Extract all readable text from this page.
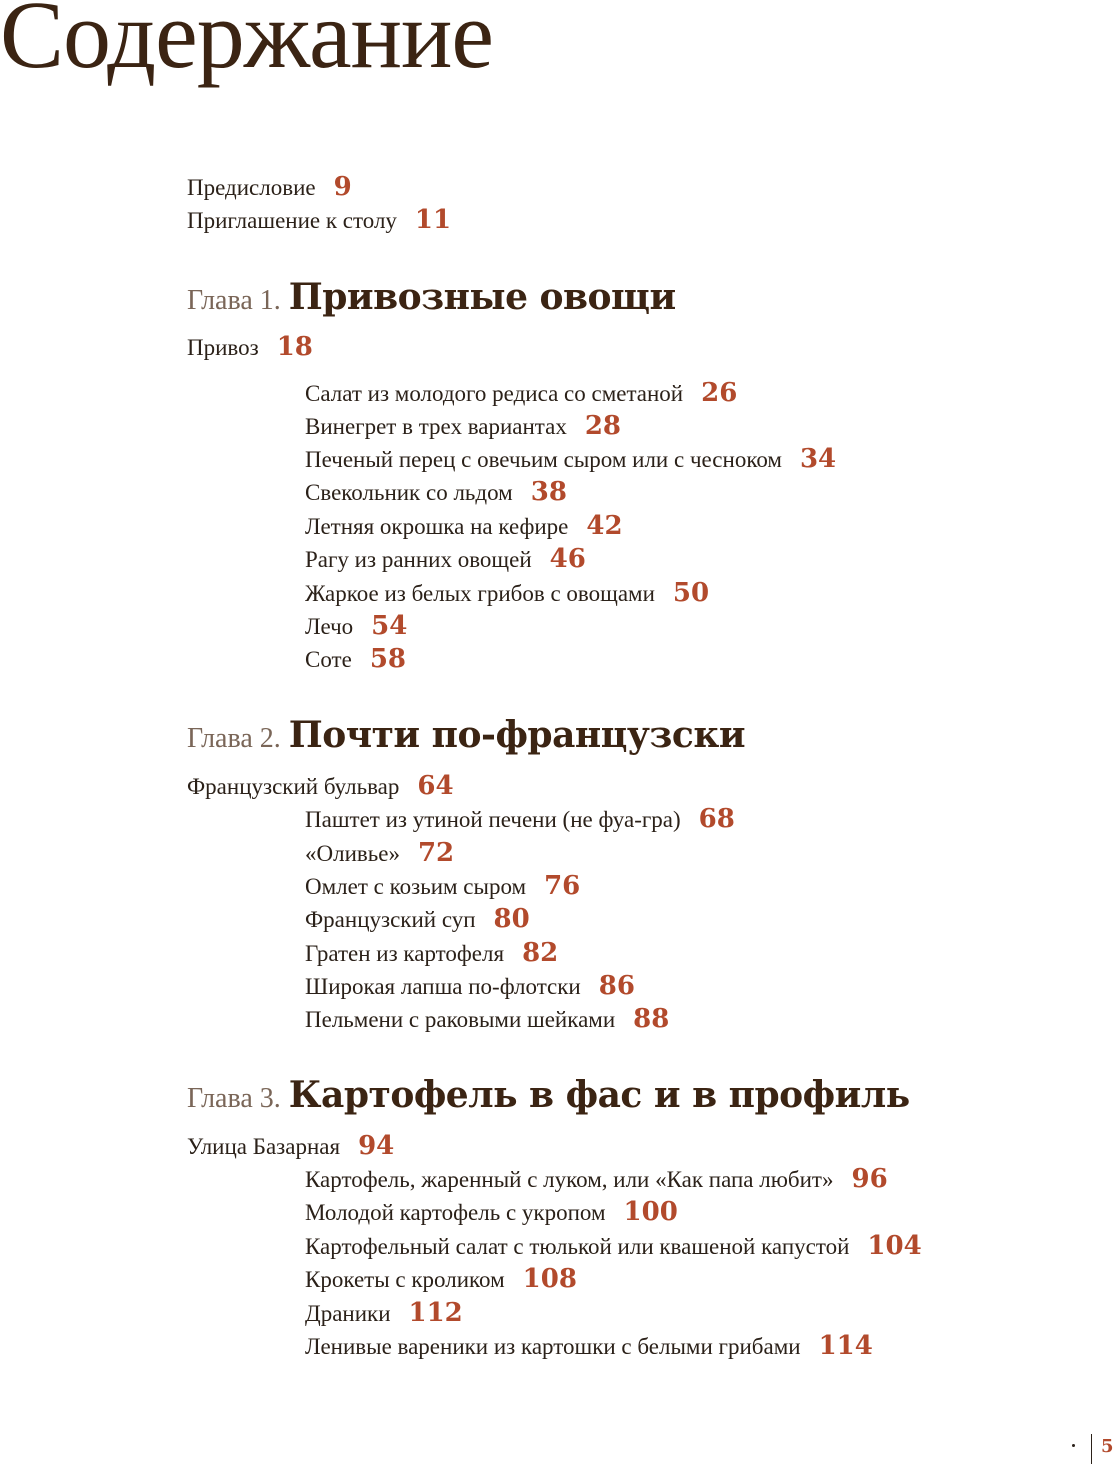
Содержание
Предисловие 9
Приглашение к столу 11
Глава 1. Привозные овощи
Привоз 18
Салат из молодого редиса со сметаной 26
Винегрет в трех вариантах 28
Печеный перец с овечьим сыром или с чесноком 34
Свекольник со льдом 38
Летняя окрошка на кефире 42
Рагу из ранних овощей 46
Жаркое из белых грибов с овощами 50
Лечо 54
Соте 58
Глава 2. Почти по-французски
Французский бульвар 64
Паштет из утиной печени (не фуа-гра) 68
«Оливье» 72
Омлет с козьим сыром 76
Французский суп 80
Гратен из картофеля 82
Широкая лапша по-флотски 86
Пельмени с раковыми шейками 88
Глава 3. Картофель в фас и в профиль
Улица Базарная 94
Картофель, жаренный с луком, или «Как папа любит» 96
Молодой картофель с укропом 100
Картофельный салат с тюлькой или квашеной капустой 104
Крокеты с кроликом 108
Драники 112
Ленивые вареники из картошки с белыми грибами 114
5
